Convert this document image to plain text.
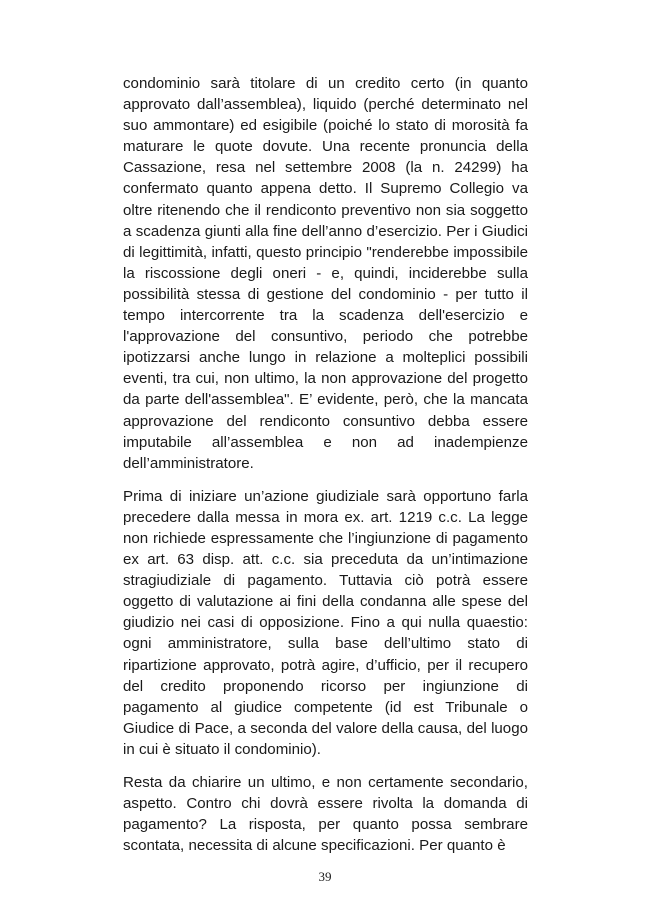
condominio sarà titolare di un credito certo (in quanto approvato dall’assemblea), liquido (perché determinato nel suo ammontare) ed esigibile (poiché lo stato di morosità fa maturare le quote dovute. Una recente pronuncia della Cassazione, resa nel settembre 2008 (la n. 24299) ha confermato quanto appena detto. Il Supremo Collegio va oltre ritenendo che il rendiconto preventivo non sia soggetto a scadenza giunti alla fine dell’anno d’esercizio. Per i Giudici di legittimità, infatti, questo principio "renderebbe impossibile la riscossione degli oneri - e, quindi, inciderebbe sulla possibilità stessa di gestione del condominio - per tutto il tempo intercorrente tra la scadenza dell'esercizio e l'approvazione del consuntivo, periodo che potrebbe ipotizzarsi anche lungo in relazione a molteplici possibili eventi, tra cui, non ultimo, la non approvazione del progetto da parte dell'assemblea". E’ evidente, però, che la mancata approvazione del rendiconto consuntivo debba essere imputabile all’assemblea e non ad inadempienze dell’amministratore.

Prima di iniziare un’azione giudiziale sarà opportuno farla precedere dalla messa in mora ex. art. 1219 c.c. La legge non richiede espressamente che l’ingiunzione di pagamento ex art. 63 disp. att. c.c. sia preceduta da un’intimazione stragiudiziale di pagamento. Tuttavia ciò potrà essere oggetto di valutazione ai fini della condanna alle spese del giudizio nei casi di opposizione. Fino a qui nulla quaestio: ogni amministratore, sulla base dell’ultimo stato di ripartizione approvato, potrà agire, d’ufficio, per il recupero del credito proponendo ricorso per ingiunzione di pagamento al giudice competente (id est Tribunale o Giudice di Pace, a seconda del valore della causa, del luogo in cui è situato il condominio).

Resta da chiarire un ultimo, e non certamente secondario, aspetto. Contro chi dovrà essere rivolta la domanda di pagamento? La risposta, per quanto possa sembrare scontata, necessita di alcune specificazioni. Per quanto è

39
